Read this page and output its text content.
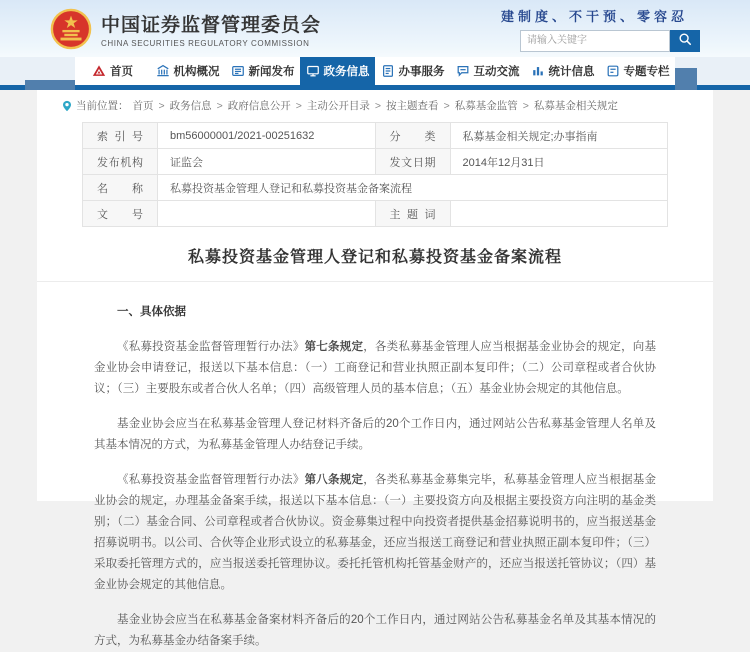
中国证券监督管理委员会
CHINA SECURITIES REGULATORY COMMISSION
建制度、不干预、零容忍
请输入关键字
首页	机构概况	新闻发布	政务信息	办事服务	互动交流	统计信息	专题专栏
当前位置： 首页 > 政务信息 > 政府信息公开 > 主动公开目录 > 按主题查看 > 私募基金监管 > 私募基金相关规定
索引号	bm56000001/2021-00251632	分类	私募基金相关规定;办事指南

发布机构	证监会	发文日期	2014年12月31日

名称	私募投资基金管理人登记和私募投资基金备案流程		

文号		主题词	

私募投资基金管理人登记和私募投资基金备案流程
一、具体依据

《私募投资基金监督管理暂行办法》第七条规定，各类私募基金管理人应当根据基金业协会的规定，向基金业协会申请登记，报送以下基本信息：（一）工商登记和营业执照正副本复印件；（二）公司章程或者合伙协议；（三）主要股东或者合伙人名单；（四）高级管理人员的基本信息；（五）基金业协会规定的其他信息。

基金业协会应当在私募基金管理人登记材料齐备后的20个工作日内，通过网站公告私募基金管理人名单及其基本情况的方式，为私募基金管理人办结登记手续。

《私募投资基金监督管理暂行办法》第八条规定，各类私募基金募集完毕，私募基金管理人应当根据基金业协会的规定，办理基金备案手续，报送以下基本信息：（一）主要投资方向及根据主要投资方向注明的基金类别；（二）基金合同、公司章程或者合伙协议。资金募集过程中向投资者提供基金招募说明书的，应当报送基金招募说明书。以公司、合伙等企业形式设立的私募基金，还应当报送工商登记和营业执照正副本复印件；（三）采取委托管理方式的，应当报送委托管理协议。委托托管机构托管基金财产的，还应当报送托管协议；（四）基金业协会规定的其他信息。

基金业协会应当在私募基金备案材料齐备后的20个工作日内，通过网站公告私募基金名单及其基本情况的方式，为私募基金办结备案手续。
